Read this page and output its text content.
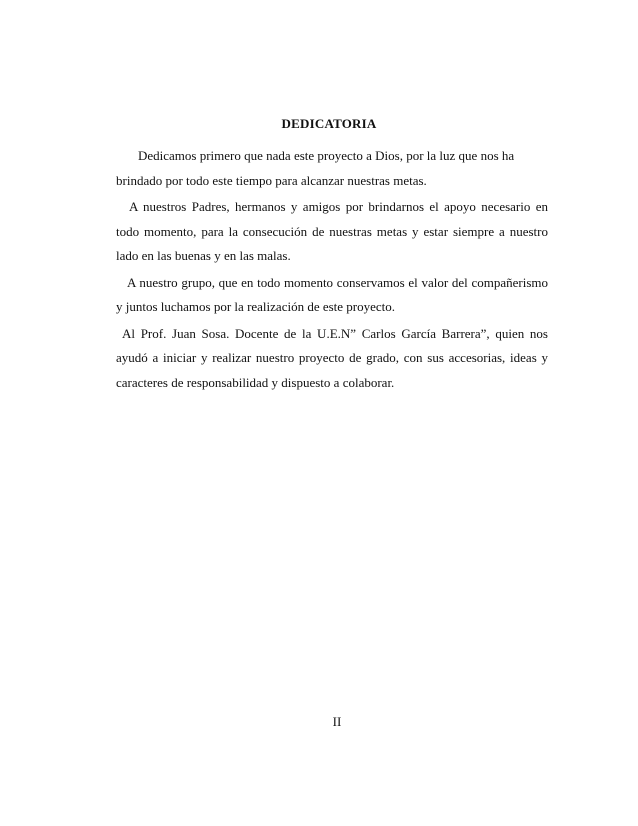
DEDICATORIA

Dedicamos primero que nada este proyecto a Dios, por la luz que nos ha brindado por todo este tiempo para alcanzar nuestras metas.

A nuestros Padres, hermanos y amigos por brindarnos el apoyo necesario en todo momento, para la consecución de nuestras metas y estar siempre a nuestro lado en las buenas y en las malas.

A nuestro grupo, que en todo momento conservamos el valor del compañerismo y juntos luchamos por la realización de este proyecto.

Al Prof. Juan Sosa. Docente de la U.E.N” Carlos García Barrera”, quien nos ayudó a iniciar y realizar nuestro proyecto de grado, con sus accesorias, ideas y caracteres de responsabilidad y dispuesto a colaborar.

II
